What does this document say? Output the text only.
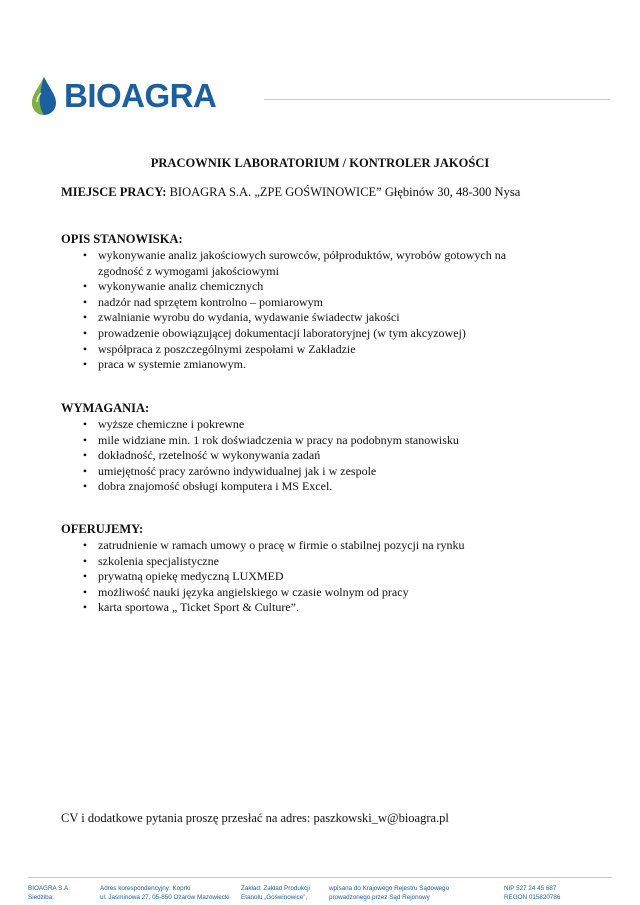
BIOAGRA
PRACOWNIK LABORATORIUM / KONTROLER JAKOŚCI
MIEJSCE PRACY: BIOAGRA S.A. „ZPE GOŚWINOWICE” Głębinów 30, 48-300 Nysa
OPIS STANOWISKA:
• wykonywanie analiz jakościowych surowców, półproduktów, wyrobów gotowych na zgodność z wymogami jakościowymi
• wykonywanie analiz chemicznych
• nadzór nad sprzętem kontrolno – pomiarowym
• zwalnianie wyrobu do wydania, wydawanie świadectw jakości
• prowadzenie obowiązującej dokumentacji laboratoryjnej (w tym akcyzowej)
• współpraca z poszczególnymi zespołami w Zakładzie
• praca w systemie zmianowym.
WYMAGANIA:
• wyższe chemiczne i pokrewne
• mile widziane min. 1 rok doświadczenia w pracy na podobnym stanowisku
• dokładność, rzetelność w wykonywania zadań
• umiejętność pracy zarówno indywidualnej jak i w zespole
• dobra znajomość obsługi komputera i MS Excel.
OFERUJEMY:
• zatrudnienie w ramach umowy o pracę w firmie o stabilnej pozycji na rynku
• szkolenia specjalistyczne
• prywatną opiekę medyczną LUXMED
• możliwość nauki języka angielskiego w czasie wolnym od pracy
• karta sportowa „ Ticket Sport & Culture”.
CV i dodatkowe pytania proszę przesłać na adres: paszkowski_w@bioagra.pl
BIOAGRA S.A.
Siedziba:
Adres korespondencyjny: Koprki
ul. Jaśminowa 27, 05-850 Ożarów Mazowiecki
Zakład: Zakład Produkcji
Etanolu „Goświnowice”,
wpisana do Krajowego Rejestru Sądowego
prowadzonego przez Sąd Rejonowy
NIP 527 24 45 687
REGON 015820786
